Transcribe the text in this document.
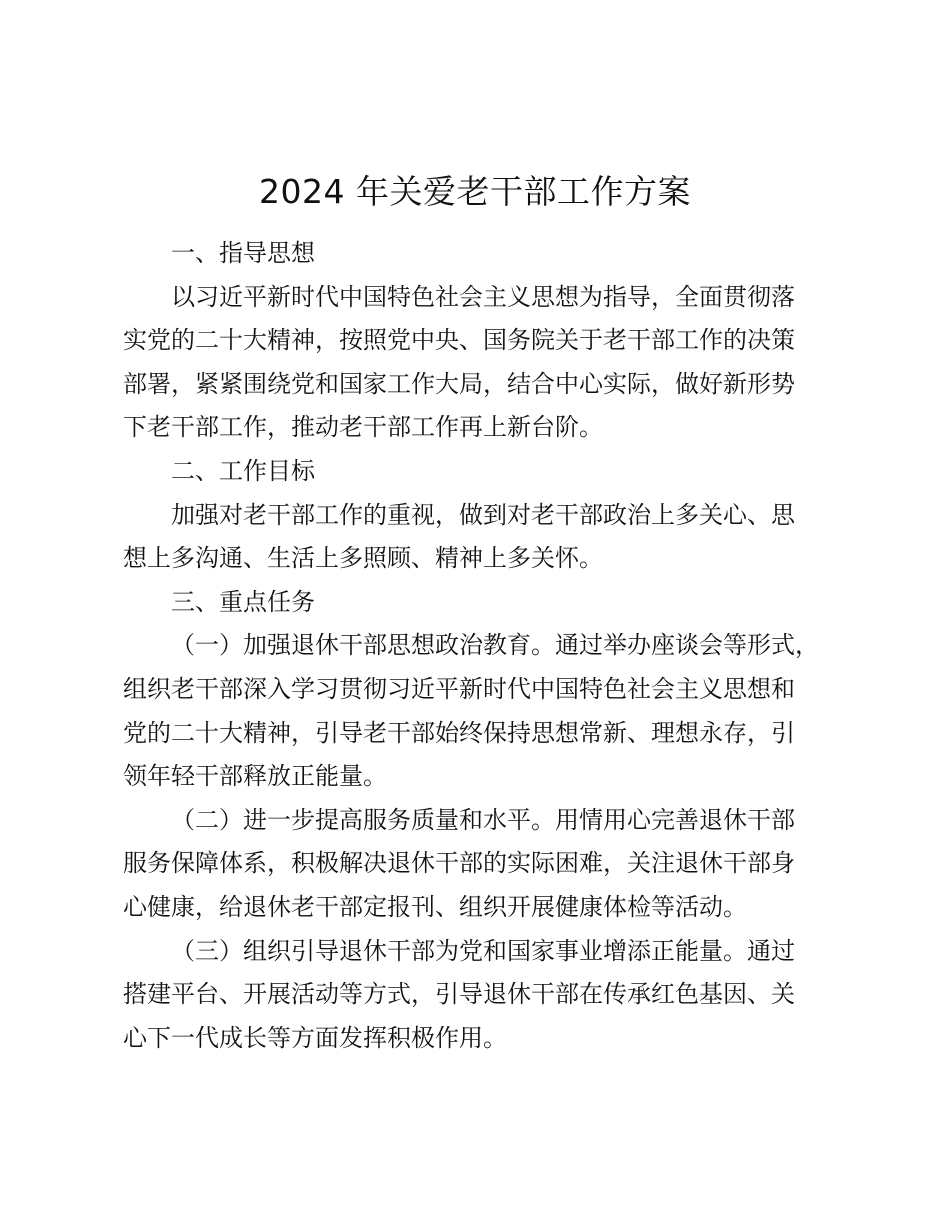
2024 年关爱老干部工作方案

一、指导思想

以习近平新时代中国特色社会主义思想为指导，全面贯彻落

实党的二十大精神，按照党中央、国务院关于老干部工作的决策

部署，紧紧围绕党和国家工作大局，结合中心实际，做好新形势

下老干部工作，推动老干部工作再上新台阶。

二、工作目标

加强对老干部工作的重视，做到对老干部政治上多关心、思

想上多沟通、生活上多照顾、精神上多关怀。

三、重点任务

（一）加强退休干部思想政治教育。通过举办座谈会等形式，

组织老干部深入学习贯彻习近平新时代中国特色社会主义思想和

党的二十大精神，引导老干部始终保持思想常新、理想永存，引

领年轻干部释放正能量。

（二）进一步提高服务质量和水平。用情用心完善退休干部

服务保障体系，积极解决退休干部的实际困难，关注退休干部身

心健康，给退休老干部定报刊、组织开展健康体检等活动。

（三）组织引导退休干部为党和国家事业增添正能量。通过

搭建平台、开展活动等方式，引导退休干部在传承红色基因、关

心下一代成长等方面发挥积极作用。
